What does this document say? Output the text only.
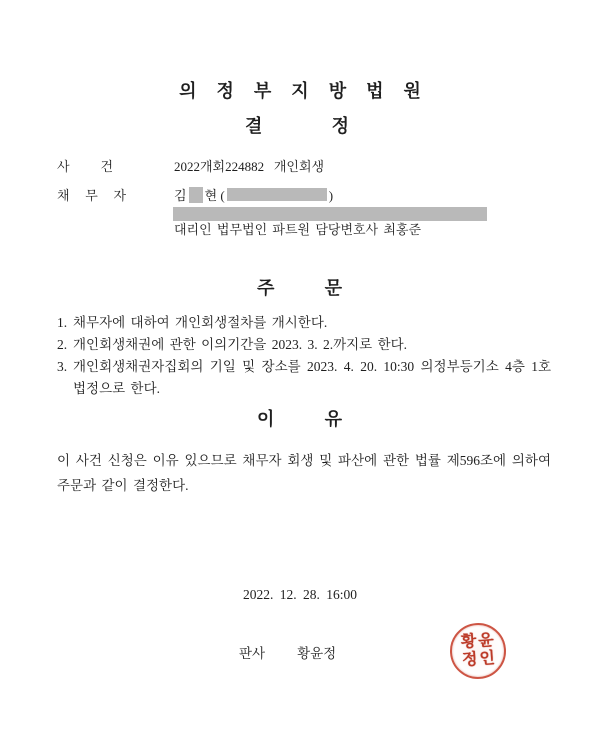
의정부지방법원
결	정
사 건	2022개회224882   개인회생
채 무 자	김 현 (	)
대리인 법무법인 파트원 담당변호사 최홍준
주	문
1. 채무자에 대하여 개인회생절차를 개시한다.
2. 개인회생채권에 관한 이의기간을 2023. 3. 2.까지로 한다.
3. 개인회생채권자집회의 기일 및 장소를 2023. 4. 20. 10:30 의정부등기소 4층 1호법정으로 한다.
이	유
이 사건 신청은 이유 있으므로 채무자 회생 및 파산에 관한 법률 제596조에 의하여 주문과 같이 결정한다.
2022. 12. 28. 16:00
판사 황윤정
황윤
정인
